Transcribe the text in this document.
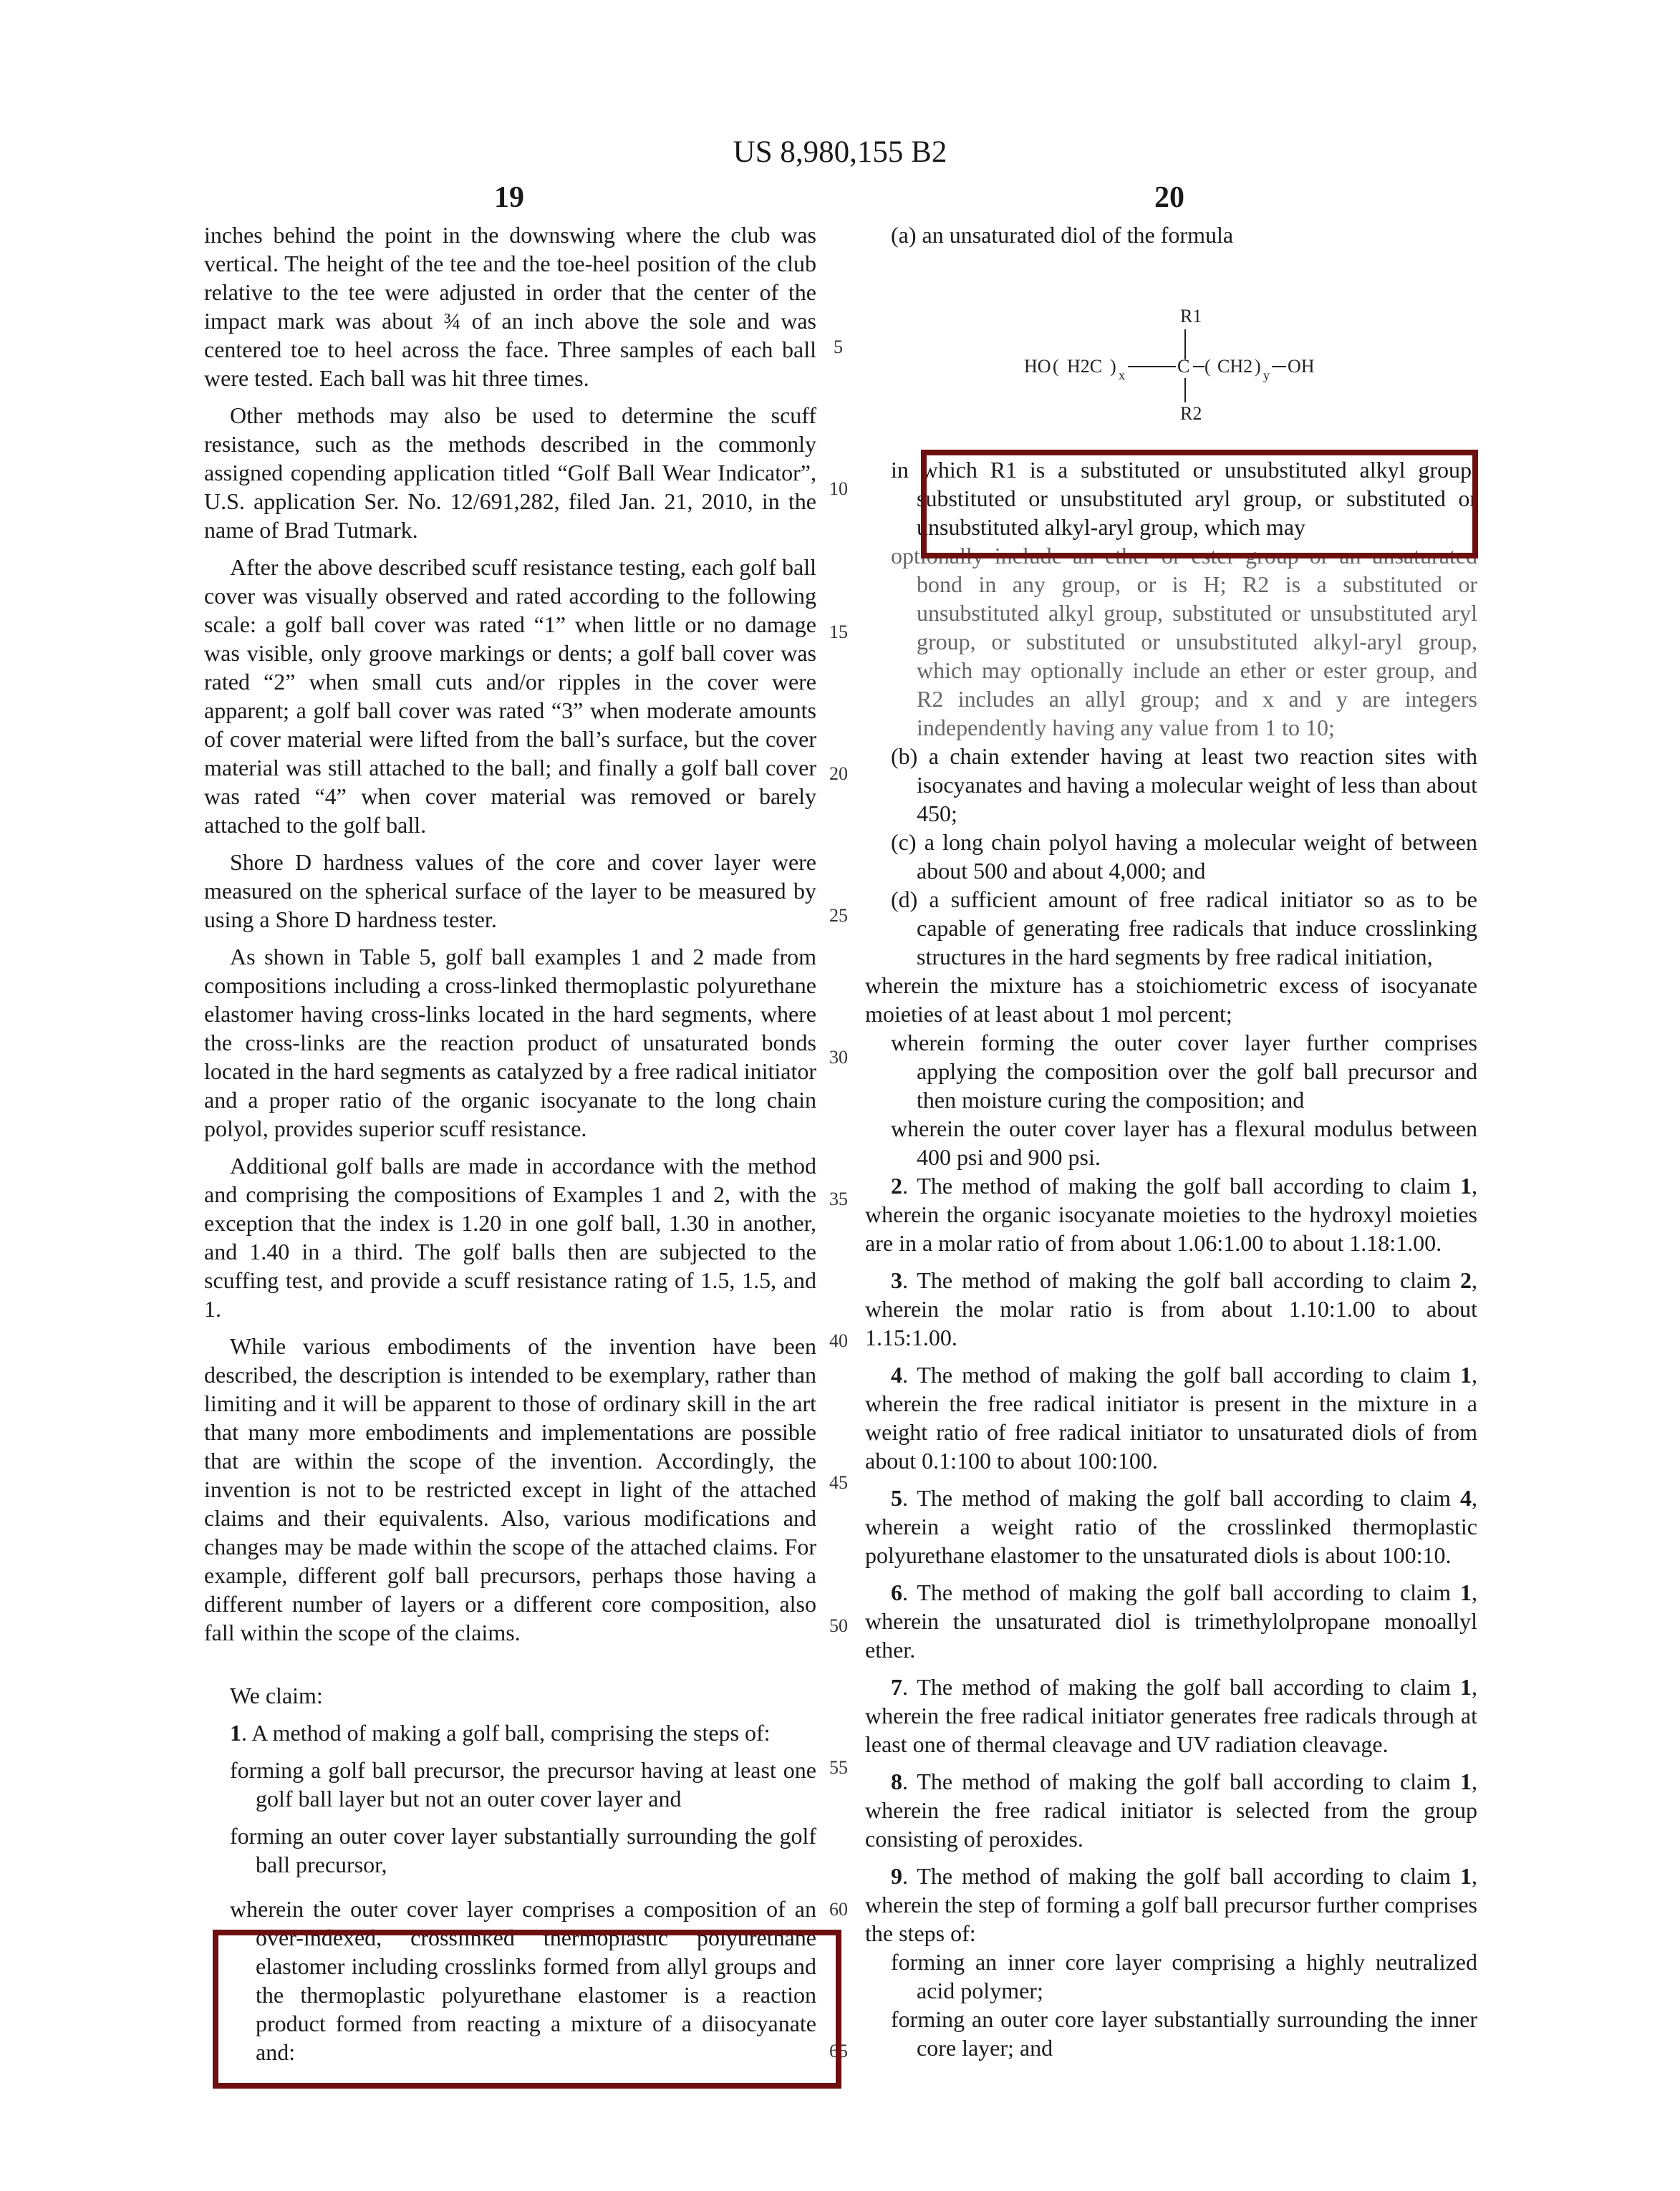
US 8,980,155 B2
19	20
5
10
15
20
25
30
35
40
45
50
55
60
65

inches behind the point in the downswing where the club was vertical. The height of the tee and the toe-heel position of the club relative to the tee were adjusted in order that the center of the impact mark was about ¾ of an inch above the sole and was centered toe to heel across the face. Three samples of each ball were tested. Each ball was hit three times.

Other methods may also be used to determine the scuff resistance, such as the methods described in the commonly assigned copending application titled “Golf Ball Wear Indicator”, U.S. application Ser. No. 12/691,282, filed Jan. 21, 2010, in the name of Brad Tutmark.

After the above described scuff resistance testing, each golf ball cover was visually observed and rated according to the following scale: a golf ball cover was rated “1” when little or no damage was visible, only groove markings or dents; a golf ball cover was rated “2” when small cuts and/or ripples in the cover were apparent; a golf ball cover was rated “3” when moderate amounts of cover material were lifted from the ball’s surface, but the cover material was still attached to the ball; and finally a golf ball cover was rated “4” when cover material was removed or barely attached to the golf ball.

Shore D hardness values of the core and cover layer were measured on the spherical surface of the layer to be measured by using a Shore D hardness tester.

As shown in Table 5, golf ball examples 1 and 2 made from compositions including a cross-linked thermoplastic polyurethane elastomer having cross-links located in the hard segments, where the cross-links are the reaction product of unsaturated bonds located in the hard segments as catalyzed by a free radical initiator and a proper ratio of the organic isocyanate to the long chain polyol, provides superior scuff resistance.

Additional golf balls are made in accordance with the method and comprising the compositions of Examples 1 and 2, with the exception that the index is 1.20 in one golf ball, 1.30 in another, and 1.40 in a third. The golf balls then are subjected to the scuffing test, and provide a scuff resistance rating of 1.5, 1.5, and 1.

While various embodiments of the invention have been described, the description is intended to be exemplary, rather than limiting and it will be apparent to those of ordinary skill in the art that many more embodiments and implementations are possible that are within the scope of the invention. Accordingly, the invention is not to be restricted except in light of the attached claims and their equivalents. Also, various modifications and changes may be made within the scope of the attached claims. For example, different golf ball precursors, perhaps those having a different number of layers or a different core composition, also fall within the scope of the claims.

We claim:

1. A method of making a golf ball, comprising the steps of:

forming a golf ball precursor, the precursor having at least one golf ball layer but not an outer cover layer and
forming an outer cover layer substantially surrounding the golf ball precursor,
wherein the outer cover layer comprises a composition of an over-indexed, crosslinked thermoplastic polyurethane elastomer including crosslinks formed from allyl groups and the thermoplastic polyurethane elastomer is a reaction product formed from reacting a mixture of a diisocyanate and:

(a) an unsaturated diol of the formula

in which R1 is a substituted or unsubstituted alkyl group, substituted or unsubstituted aryl group, or substituted or unsubstituted alkyl-aryl group, which may
optionally include an ether or ester group or an unsaturated bond in any group, or is H; R2 is a substituted or unsubstituted alkyl group, substituted or unsubstituted aryl group, or substituted or unsubstituted alkyl-aryl group, which may optionally include an ether or ester group, and R2 includes an allyl group; and x and y are integers independently having any value from 1 to 10;
(b) a chain extender having at least two reaction sites with isocyanates and having a molecular weight of less than about 450;
(c) a long chain polyol having a molecular weight of between about 500 and about 4,000; and
(d) a sufficient amount of free radical initiator so as to be capable of generating free radicals that induce crosslinking structures in the hard segments by free radical initiation,
wherein the mixture has a stoichiometric excess of isocyanate moieties of at least about 1 mol percent;
wherein forming the outer cover layer further comprises applying the composition over the golf ball precursor and then moisture curing the composition; and
wherein the outer cover layer has a flexural modulus between 400 psi and 900 psi.

2. The method of making the golf ball according to claim 1, wherein the organic isocyanate moieties to the hydroxyl moieties are in a molar ratio of from about 1.06:1.00 to about 1.18:1.00.

3. The method of making the golf ball according to claim 2, wherein the molar ratio is from about 1.10:1.00 to about 1.15:1.00.

4. The method of making the golf ball according to claim 1, wherein the free radical initiator is present in the mixture in a weight ratio of free radical initiator to unsaturated diols of from about 0.1:100 to about 100:100.

5. The method of making the golf ball according to claim 4, wherein a weight ratio of the crosslinked thermoplastic polyurethane elastomer to the unsaturated diols is about 100:10.

6. The method of making the golf ball according to claim 1, wherein the unsaturated diol is trimethylolpropane monoallyl ether.

7. The method of making the golf ball according to claim 1, wherein the free radical initiator generates free radicals through at least one of thermal cleavage and UV radiation cleavage.

8. The method of making the golf ball according to claim 1, wherein the free radical initiator is selected from the group consisting of peroxides.

9. The method of making the golf ball according to claim 1, wherein the step of forming a golf ball precursor further comprises the steps of:

forming an inner core layer comprising a highly neutralized acid polymer;
forming an outer core layer substantially surrounding the inner core layer; and
R1
HO ( H2C ) x	C ( CH2 ) y OH
R2
